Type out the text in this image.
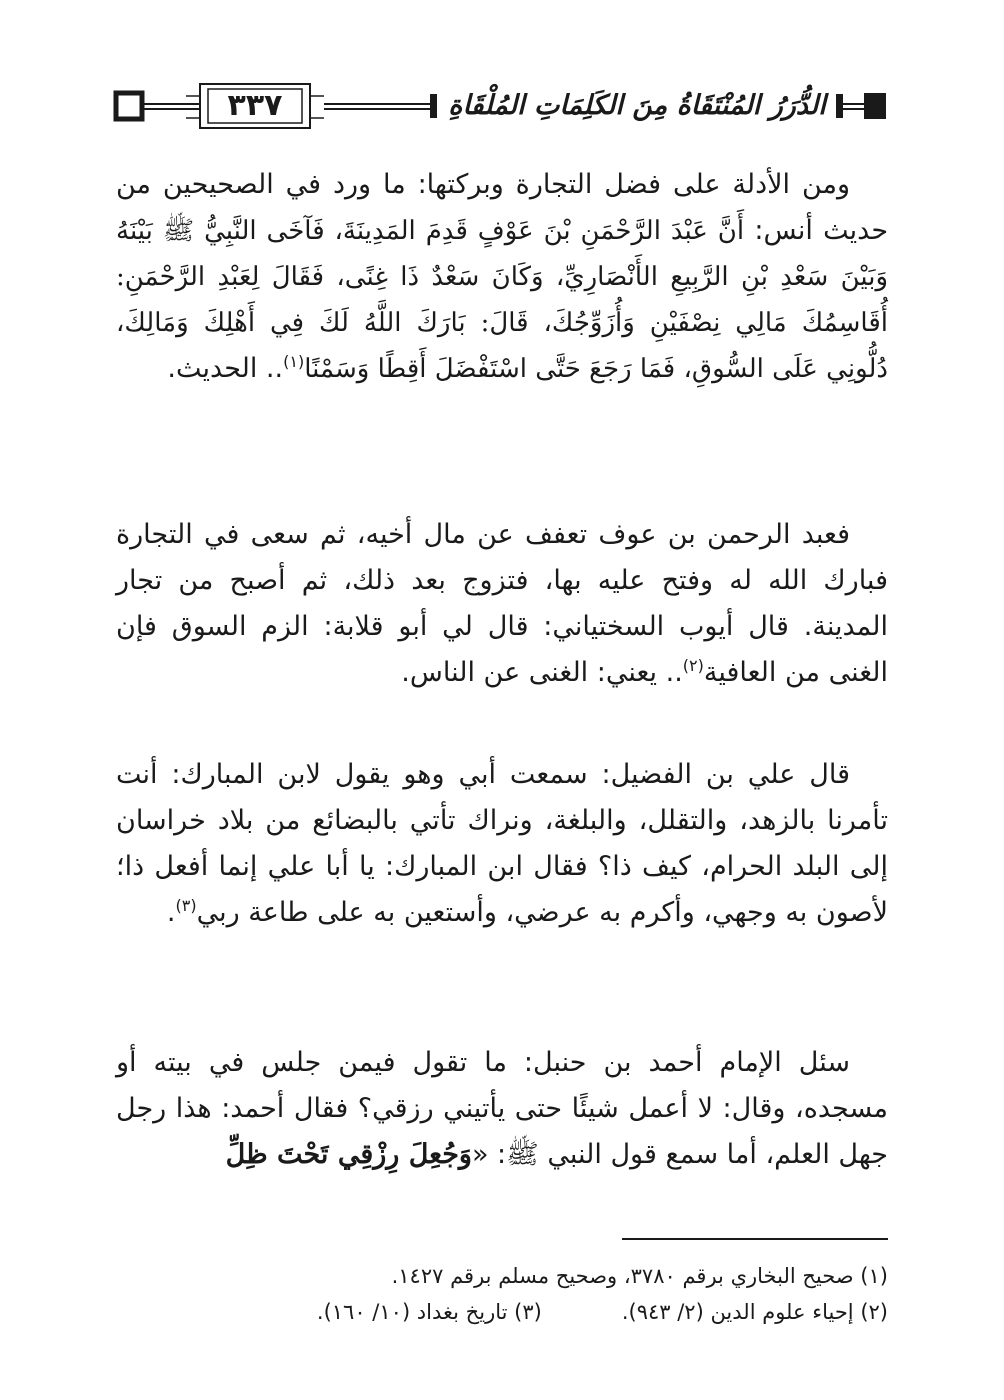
٣٣٧	الدُّرَرُ المُنْتَقَاةُ مِنَ الكَلِمَاتِ المُلْقَاةِ

ومن الأدلة على فضل التجارة وبركتها: ما ورد في الصحيحين من حديث أنس: أَنَّ عَبْدَ الرَّحْمَنِ بْنَ عَوْفٍ قَدِمَ المَدِينَةَ، فَآخَى النَّبِيُّ ﷺ بَيْنَهُ وَبَيْنَ سَعْدِ بْنِ الرَّبِيعِ الأَنْصَارِيِّ، وَكَانَ سَعْدٌ ذَا غِنًى، فَقَالَ لِعَبْدِ الرَّحْمَنِ: أُقَاسِمُكَ مَالِي نِصْفَيْنِ وَأُزَوِّجُكَ، قَالَ: بَارَكَ اللَّهُ لَكَ فِي أَهْلِكَ وَمَالِكَ، دُلُّونِي عَلَى السُّوقِ، فَمَا رَجَعَ حَتَّى اسْتَفْضَلَ أَقِطًا وَسَمْنًا$^{(١)}$.. الحديث.

فعبد الرحمن بن عوف تعفف عن مال أخيه، ثم سعى في التجارة فبارك الله له وفتح عليه بها، فتزوج بعد ذلك، ثم أصبح من تجار المدينة. قال أيوب السختياني: قال لي أبو قلابة: الزم السوق فإن الغنى من العافية$^{(٢)}$.. يعني: الغنى عن الناس.

قال علي بن الفضيل: سمعت أبي وهو يقول لابن المبارك: أنت تأمرنا بالزهد، والتقلل، والبلغة، ونراك تأتي بالبضائع من بلاد خراسان إلى البلد الحرام، كيف ذا؟ فقال ابن المبارك: يا أبا علي إنما أفعل ذا؛ لأصون به وجهي، وأكرم به عرضي، وأستعين به على طاعة ربي$^{(٣)}$.

سئل الإمام أحمد بن حنبل: ما تقول فيمن جلس في بيته أو مسجده، وقال: لا أعمل شيئًا حتى يأتيني رزقي؟ فقال أحمد: هذا رجل جهل العلم، أما سمع قول النبي ﷺ: «وَجُعِلَ رِزْقِي تَحْتَ ظِلِّ

(١) صحيح البخاري برقم ٣٧٨٠، وصحيح مسلم برقم ١٤٢٧.
(٢) إحياء علوم الدين (٢/ ٩٤٣).
(٣) تاريخ بغداد (١٠/ ١٦٠).
